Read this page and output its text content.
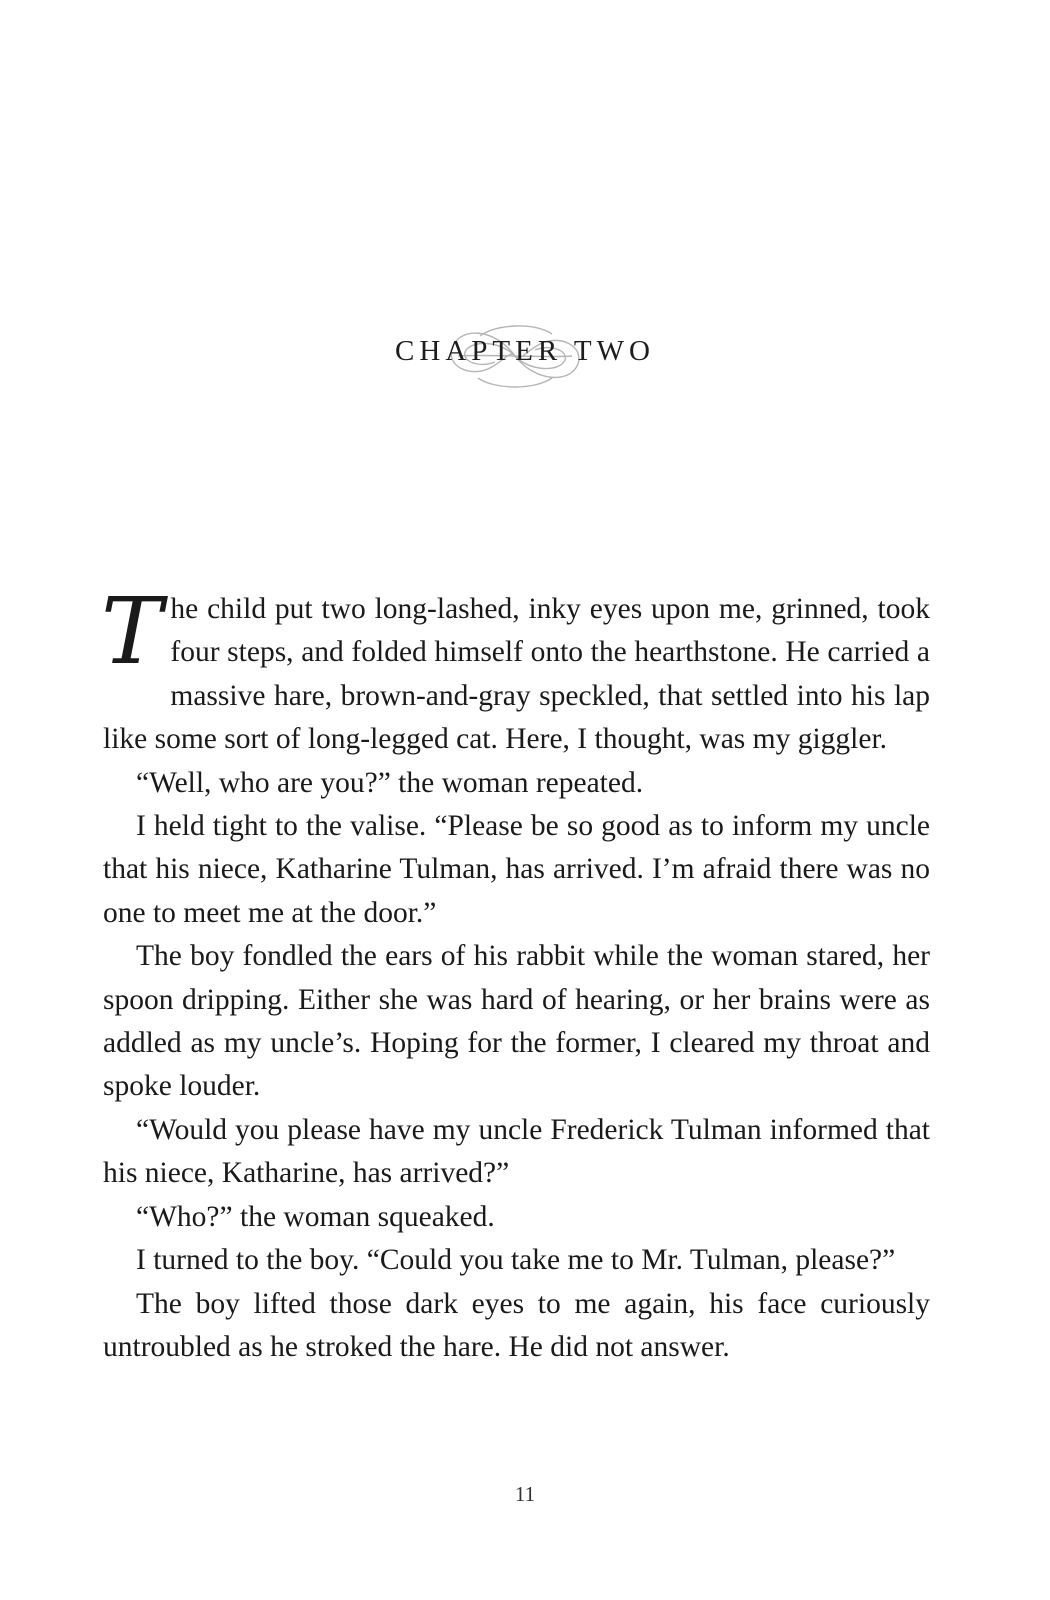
CHAPTER TWO

The child put two long-lashed, inky eyes upon me, grinned, took four steps, and folded himself onto the hearthstone. He carried a massive hare, brown-and-gray speckled, that settled into his lap like some sort of long-legged cat. Here, I thought, was my giggler.

“Well, who are you?” the woman repeated.

I held tight to the valise. “Please be so good as to inform my uncle that his niece, Katharine Tulman, has arrived. I’m afraid there was no one to meet me at the door.”

The boy fondled the ears of his rabbit while the woman stared, her spoon dripping. Either she was hard of hearing, or her brains were as addled as my uncle’s. Hoping for the former, I cleared my throat and spoke louder.

“Would you please have my uncle Frederick Tulman informed that his niece, Katharine, has arrived?”

“Who?” the woman squeaked.

I turned to the boy. “Could you take me to Mr. Tulman, please?”

The boy lifted those dark eyes to me again, his face curiously untroubled as he stroked the hare. He did not answer.

11
